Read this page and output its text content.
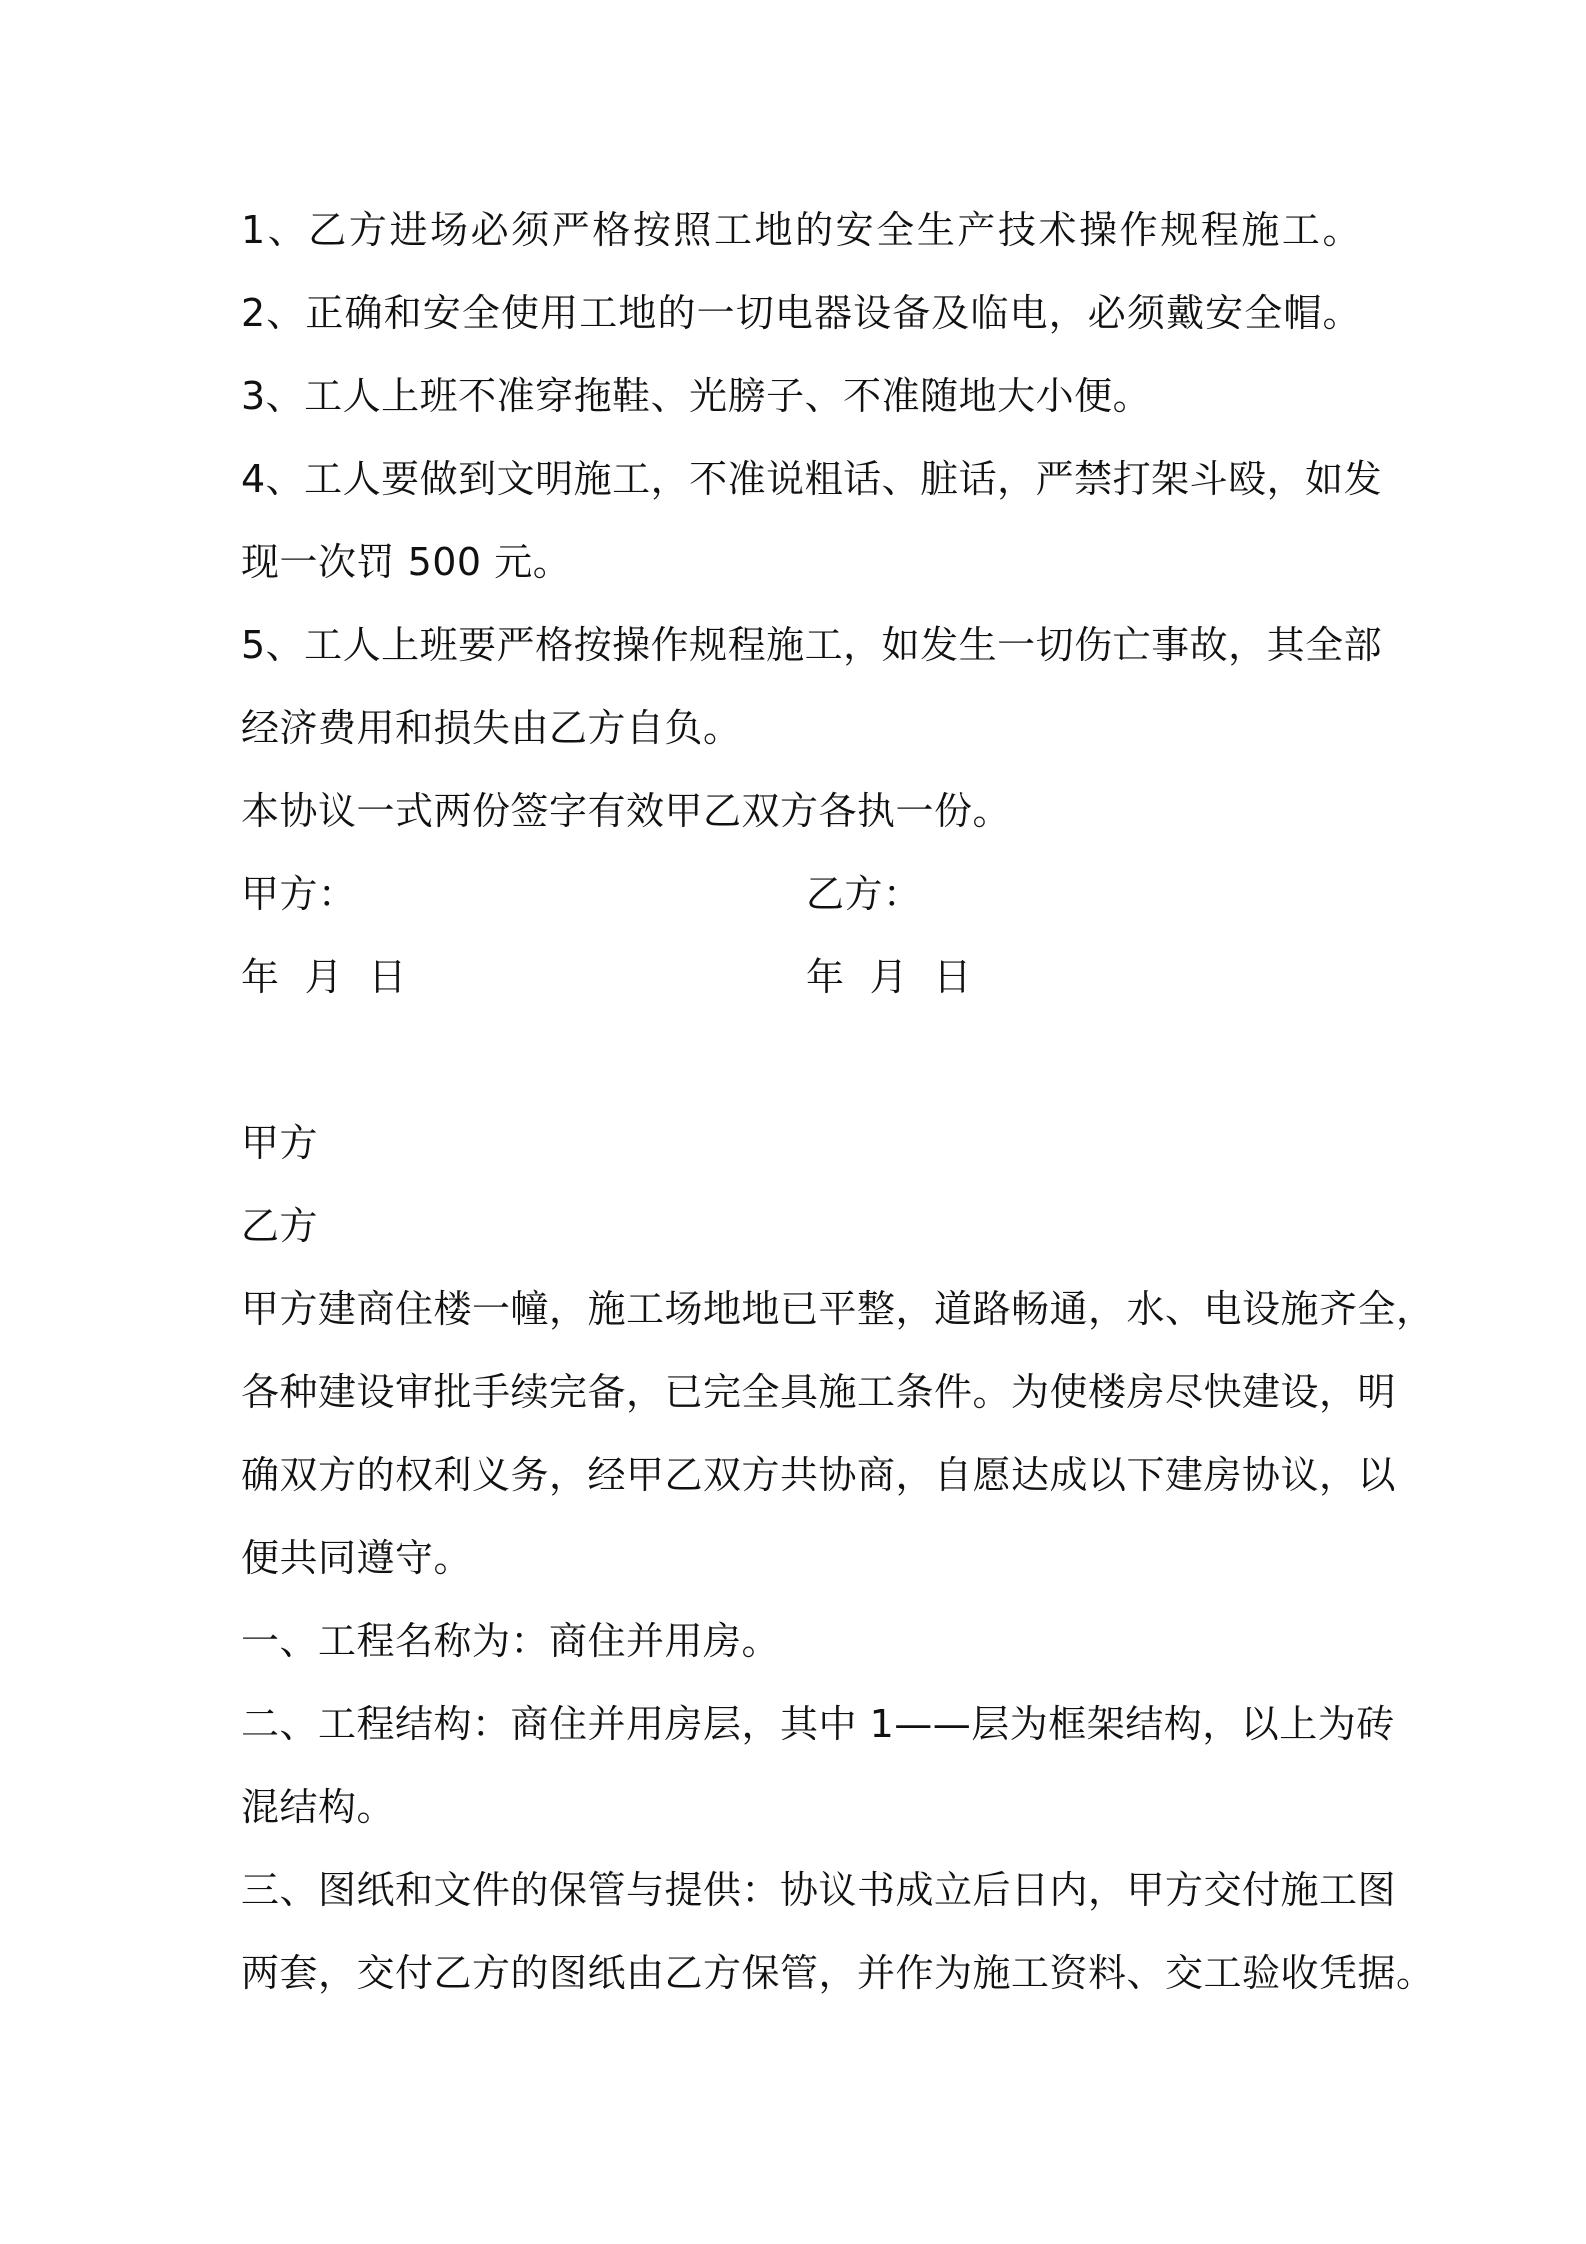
1、乙方进场必须严格按照工地的安全生产技术操作规程施工。
2、正确和安全使用工地的一切电器设备及临电，必须戴安全帽。
3、工人上班不准穿拖鞋、光膀子、不准随地大小便。
4、工人要做到文明施工，不准说粗话、脏话，严禁打架斗殴，如发
现一次罚 500 元。
5、工人上班要严格按操作规程施工，如发生一切伤亡事故，其全部
经济费用和损失由乙方自负。
本协议一式两份签字有效甲乙双方各执一份。
甲方：	乙方：
年  月  日	年  月  日
甲方
乙方
甲方建商住楼一幢，施工场地地已平整，道路畅通，水、电设施齐全，
各种建设审批手续完备，已完全具施工条件。为使楼房尽快建设，明
确双方的权利义务，经甲乙双方共协商，自愿达成以下建房协议，以
便共同遵守。
一、工程名称为：商住并用房。
二、工程结构：商住并用房层，其中 1——层为框架结构，以上为砖
混结构。
三、图纸和文件的保管与提供：协议书成立后日内，甲方交付施工图
两套，交付乙方的图纸由乙方保管，并作为施工资料、交工验收凭据。
